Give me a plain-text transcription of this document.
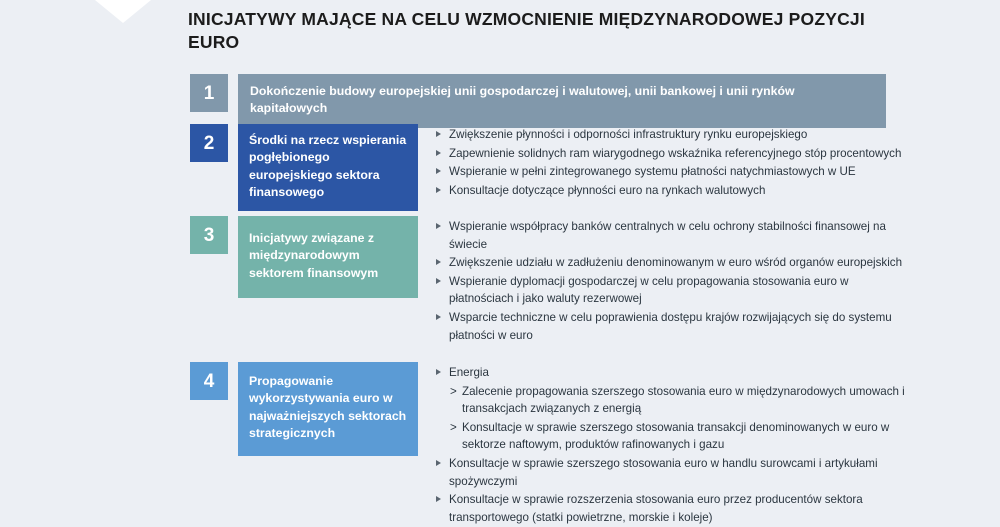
INICJATYWY MAJĄCE NA CELU WZMOCNIENIE MIĘDZYNARODOWEJ POZYCJI EURO
1	Dokończenie budowy europejskiej unii gospodarczej i walutowej, unii bankowej i unii rynków kapitałowych
2	Środki na rzecz wspierania pogłębionego europejskiego sektora finansowego
Zwiększenie płynności i odporności infrastruktury rynku europejskiego
Zapewnienie solidnych ram wiarygodnego wskaźnika referencyjnego stóp procentowych
Wspieranie w pełni zintegrowanego systemu płatności natychmiastowych w UE
Konsultacje dotyczące płynności euro na rynkach walutowych
3	Inicjatywy związane z międzynarodowym sektorem finansowym
Wspieranie współpracy banków centralnych w celu ochrony stabilności finansowej na świecie
Zwiększenie udziału w zadłużeniu denominowanym w euro wśród organów europejskich
Wspieranie dyplomacji gospodarczej w celu propagowania stosowania euro w płatnościach i jako waluty rezerwowej
Wsparcie techniczne w celu poprawienia dostępu krajów rozwijających się do systemu płatności w euro
4	Propagowanie wykorzystywania euro w najważniejszych sektorach strategicznych
Energia
> Zalecenie propagowania szerszego stosowania euro w międzynarodowych umowach i transakcjach związanych z energią
> Konsultacje w sprawie szerszego stosowania transakcji denominowanych w euro w sektorze naftowym, produktów rafinowanych i gazu
Konsultacje w sprawie szerszego stosowania euro w handlu surowcami i artykułami spożywczymi
Konsultacje w sprawie rozszerzenia stosowania euro przez producentów sektora transportowego (statki powietrzne, morskie i koleje)
